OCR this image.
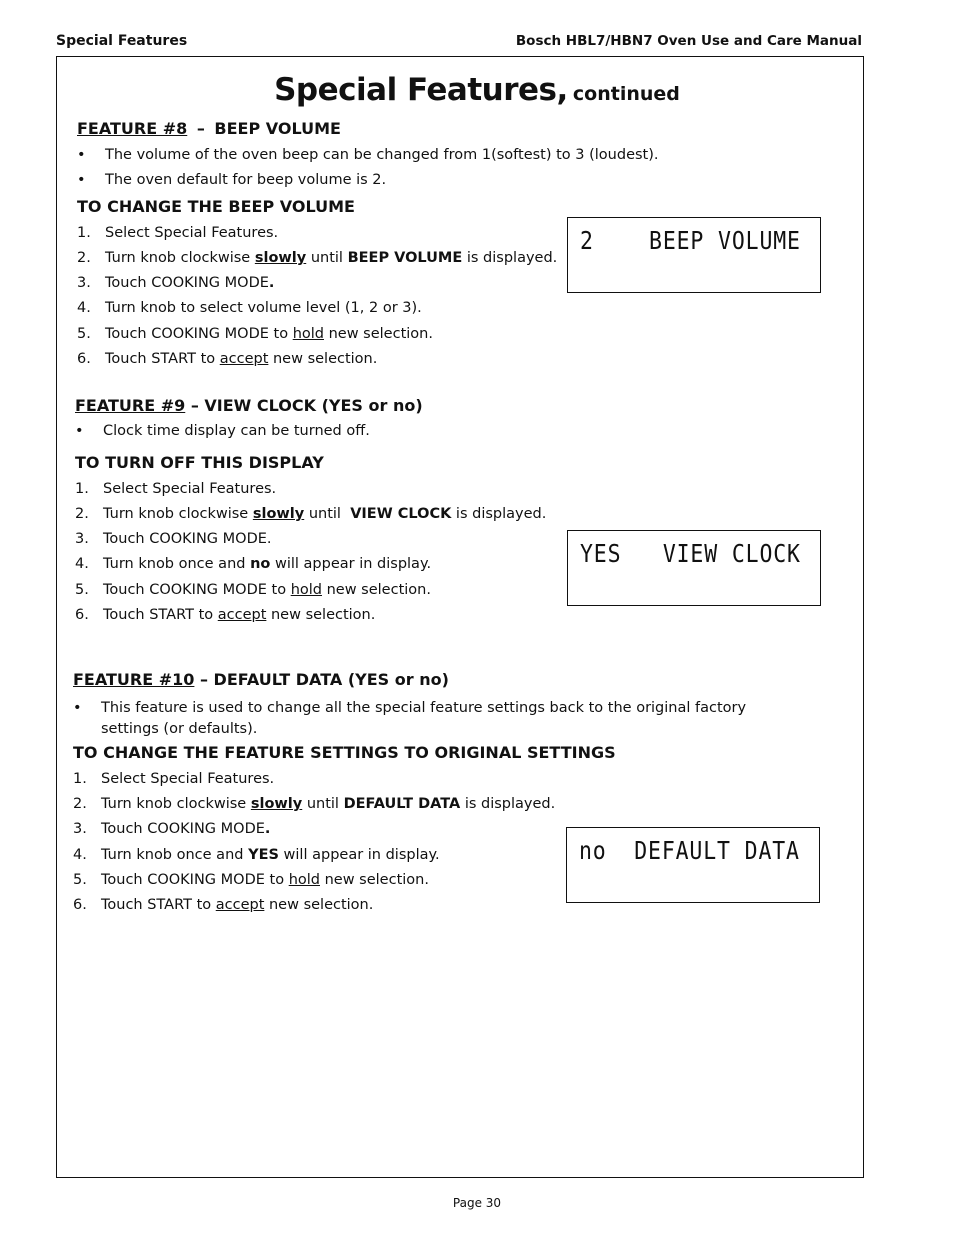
Special Features	Bosch HBL7/HBN7 Oven Use and Care Manual
Special Features, continued
FEATURE #8 – BEEP VOLUME
• The volume of the oven beep can be changed from 1(softest) to 3 (loudest).
• The oven default for beep volume is 2.
TO CHANGE THE BEEP VOLUME
1. Select Special Features.
2. Turn knob clockwise slowly until BEEP VOLUME is displayed.
3. Touch COOKING MODE.
4. Turn knob to select volume level (1, 2 or 3).
5. Touch COOKING MODE to hold new selection.
6. Touch START to accept new selection.
2    BEEP VOLUME
FEATURE #9 – VIEW CLOCK (YES or no)
• Clock time display can be turned off.
TO TURN OFF THIS DISPLAY
1. Select Special Features.
2. Turn knob clockwise slowly until  VIEW CLOCK is displayed.
3. Touch COOKING MODE.
4. Turn knob once and no will appear in display.
5. Touch COOKING MODE to hold new selection.
6. Touch START to accept new selection.
YES   VIEW CLOCK
FEATURE #10 – DEFAULT DATA (YES or no)
•	This feature is used to change all the special feature settings back to the original factory settings (or defaults).
TO CHANGE THE FEATURE SETTINGS TO ORIGINAL SETTINGS
1. Select Special Features.
2. Turn knob clockwise slowly until DEFAULT DATA is displayed.
3. Touch COOKING MODE.
4. Turn knob once and YES will appear in display.
5. Touch COOKING MODE to hold new selection.
6. Touch START to accept new selection.
no  DEFAULT DATA
Page 30
